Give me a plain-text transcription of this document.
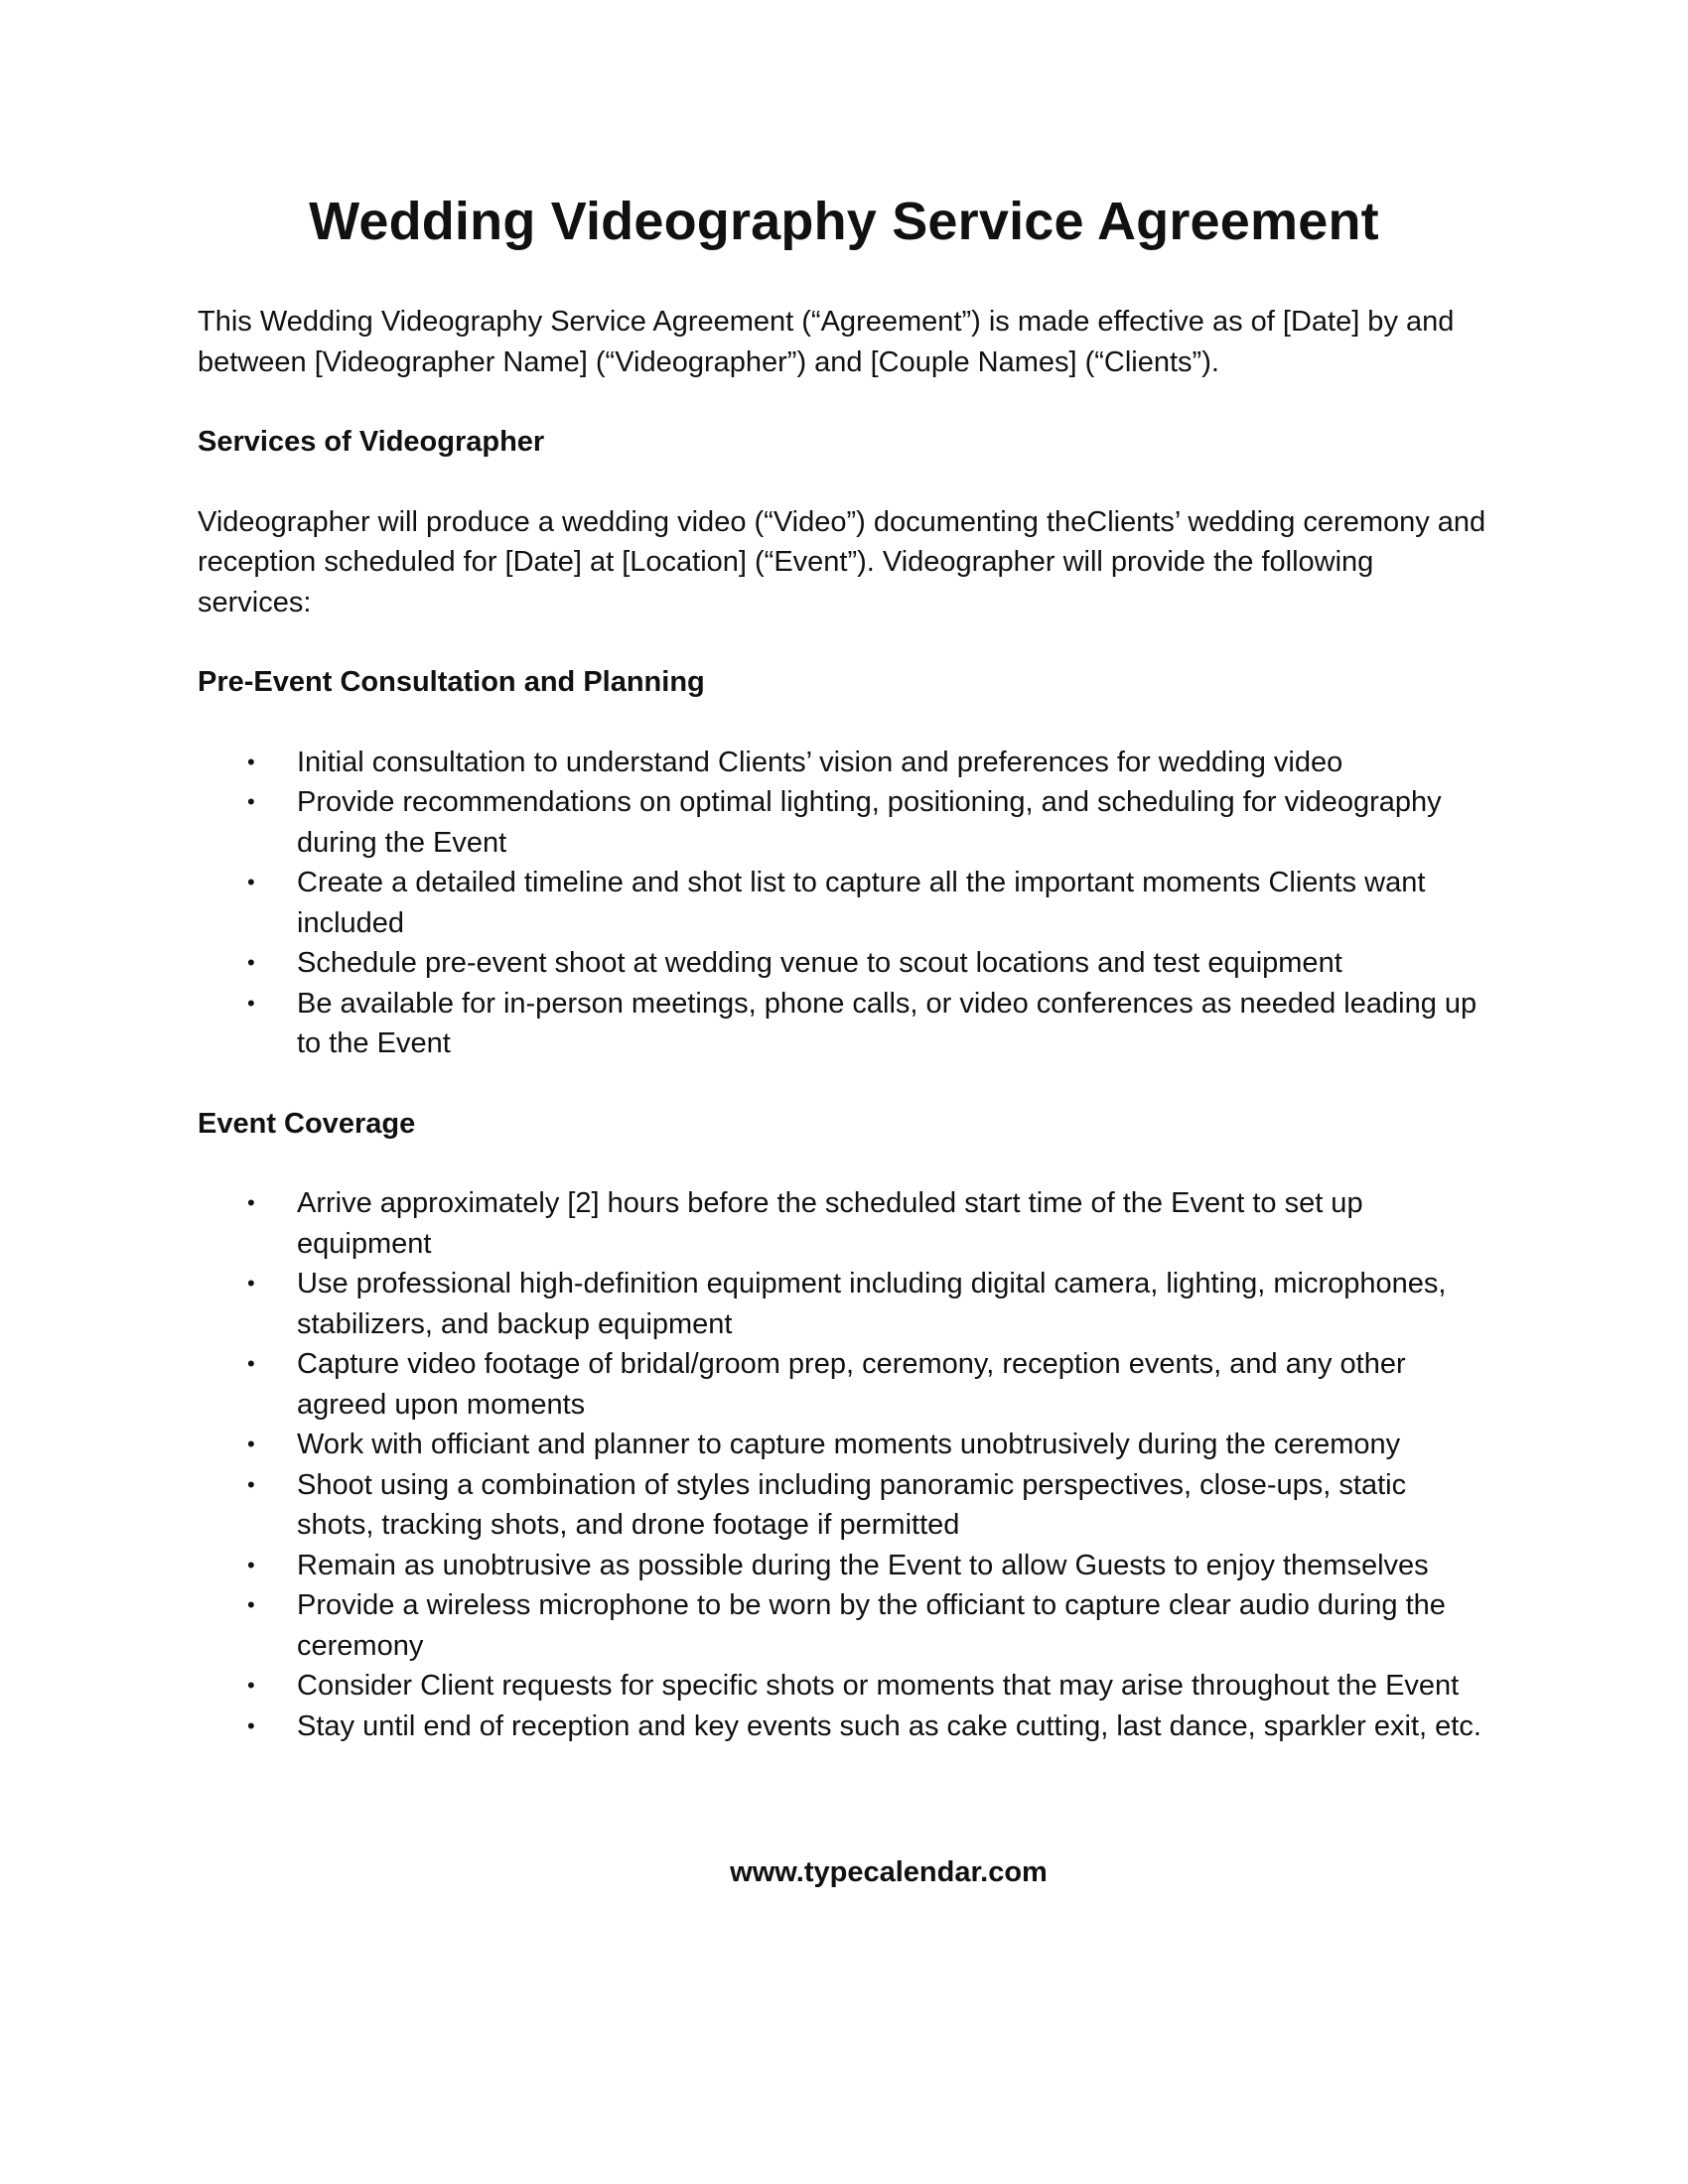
Wedding Videography Service Agreement

This Wedding Videography Service Agreement (“Agreement”) is made effective as of [Date] by and between [Videographer Name] (“Videographer”) and [Couple Names] (“Clients”).

Services of Videographer

Videographer will produce a wedding video (“Video”) documenting theClients’ wedding ceremony and reception scheduled for [Date] at [Location] (“Event”). Videographer will provide the following services:

Pre-Event Consultation and Planning

• Initial consultation to understand Clients’ vision and preferences for wedding video
• Provide recommendations on optimal lighting, positioning, and scheduling for videography during the Event
• Create a detailed timeline and shot list to capture all the important moments Clients want included
• Schedule pre-event shoot at wedding venue to scout locations and test equipment
• Be available for in-person meetings, phone calls, or video conferences as needed leading up to the Event

Event Coverage

• Arrive approximately [2] hours before the scheduled start time of the Event to set up equipment
• Use professional high-definition equipment including digital camera, lighting, microphones, stabilizers, and backup equipment
• Capture video footage of bridal/groom prep, ceremony, reception events, and any other agreed upon moments
• Work with officiant and planner to capture moments unobtrusively during the ceremony
• Shoot using a combination of styles including panoramic perspectives, close-ups, static shots, tracking shots, and drone footage if permitted
• Remain as unobtrusive as possible during the Event to allow Guests to enjoy themselves
• Provide a wireless microphone to be worn by the officiant to capture clear audio during the ceremony
• Consider Client requests for specific shots or moments that may arise throughout the Event
• Stay until end of reception and key events such as cake cutting, last dance, sparkler exit, etc.
www.typecalendar.com
